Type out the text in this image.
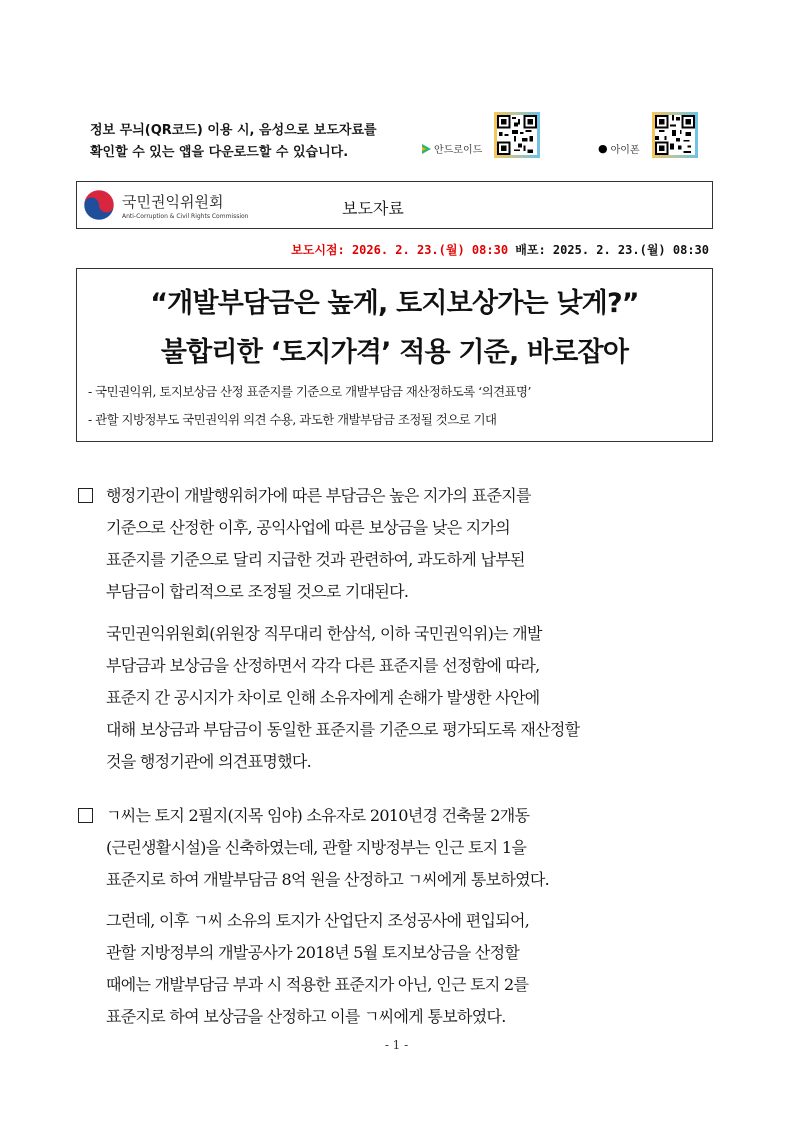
정보 무늬(QR코드) 이용 시, 음성으로 보도자료를
확인할 수 있는 앱을 다운로드할 수 있습니다.	안드로이드	● 아이폰
국민권익위원회
Anti-Corruption & Civil Rights Commission	보도자료
보도시점: 2026. 2. 23.(월) 08:30 배포: 2025. 2. 23.(월) 08:30
“개발부담금은 높게, 토지보상가는 낮게?”
불합리한 ‘토지가격’ 적용 기준, 바로잡아
- 국민권익위, 토지보상금 산정 표준지를 기준으로 개발부담금 재산정하도록 ‘의견표명’
- 관할 지방정부도 국민권익위 의견 수용, 과도한 개발부담금 조정될 것으로 기대
행정기관이 개발행위허가에 따른 부담금은 높은 지가의 표준지를
기준으로 산정한 이후, 공익사업에 따른 보상금을 낮은 지가의
표준지를 기준으로 달리 지급한 것과 관련하여, 과도하게 납부된
부담금이 합리적으로 조정될 것으로 기대된다.
국민권익위원회(위원장 직무대리 한삼석, 이하 국민권익위)는 개발
부담금과 보상금을 산정하면서 각각 다른 표준지를 선정함에 따라,
표준지 간 공시지가 차이로 인해 소유자에게 손해가 발생한 사안에
대해 보상금과 부담금이 동일한 표준지를 기준으로 평가되도록 재산정할
것을 행정기관에 의견표명했다.
ㄱ씨는 토지 2필지(지목 임야) 소유자로 2010년경 건축물 2개동
(근린생활시설)을 신축하였는데, 관할 지방정부는 인근 토지 1을
표준지로 하여 개발부담금 8억 원을 산정하고 ㄱ씨에게 통보하였다.
그런데, 이후 ㄱ씨 소유의 토지가 산업단지 조성공사에 편입되어,
관할 지방정부의 개발공사가 2018년 5월 토지보상금을 산정할
때에는 개발부담금 부과 시 적용한 표준지가 아닌, 인근 토지 2를
표준지로 하여 보상금을 산정하고 이를 ㄱ씨에게 통보하였다.
- 1 -
